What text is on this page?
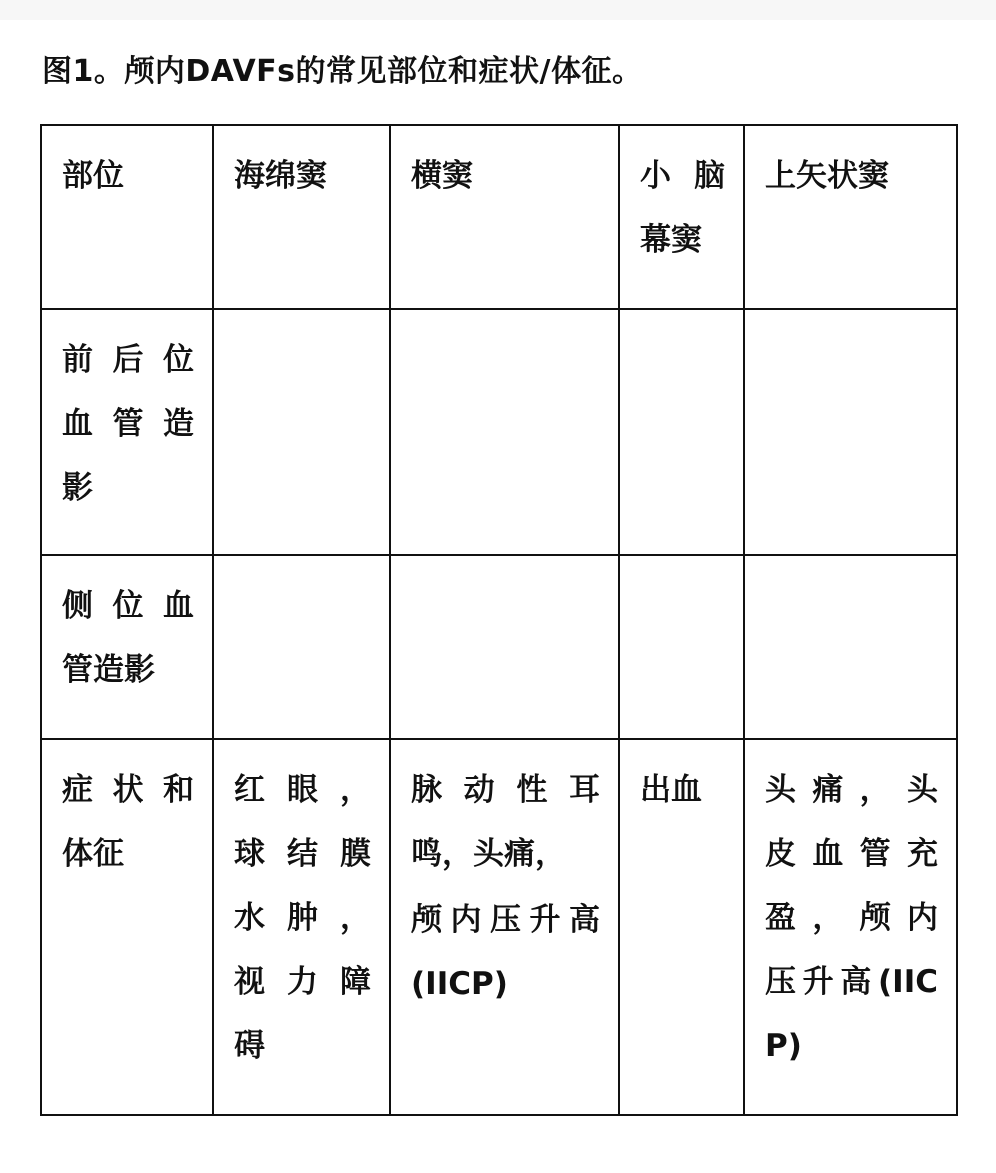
图1。颅内DAVFs的常见部位和症状/体征。
部位	海绵窦	横窦	小 脑 幕窦	上矢状窦

前 后 位 血 管 造 影				

侧 位 血 管造影				

症 状 和 体征	红 眼 ， 球 结 膜 水 肿 ， 视 力 障 碍	脉 动 性 耳 鸣，头痛，
颅内压升高 (IICP)	出血	头 痛 ， 头 皮 血 管 充 盈 ， 颅 内 压升高(IIC P)
